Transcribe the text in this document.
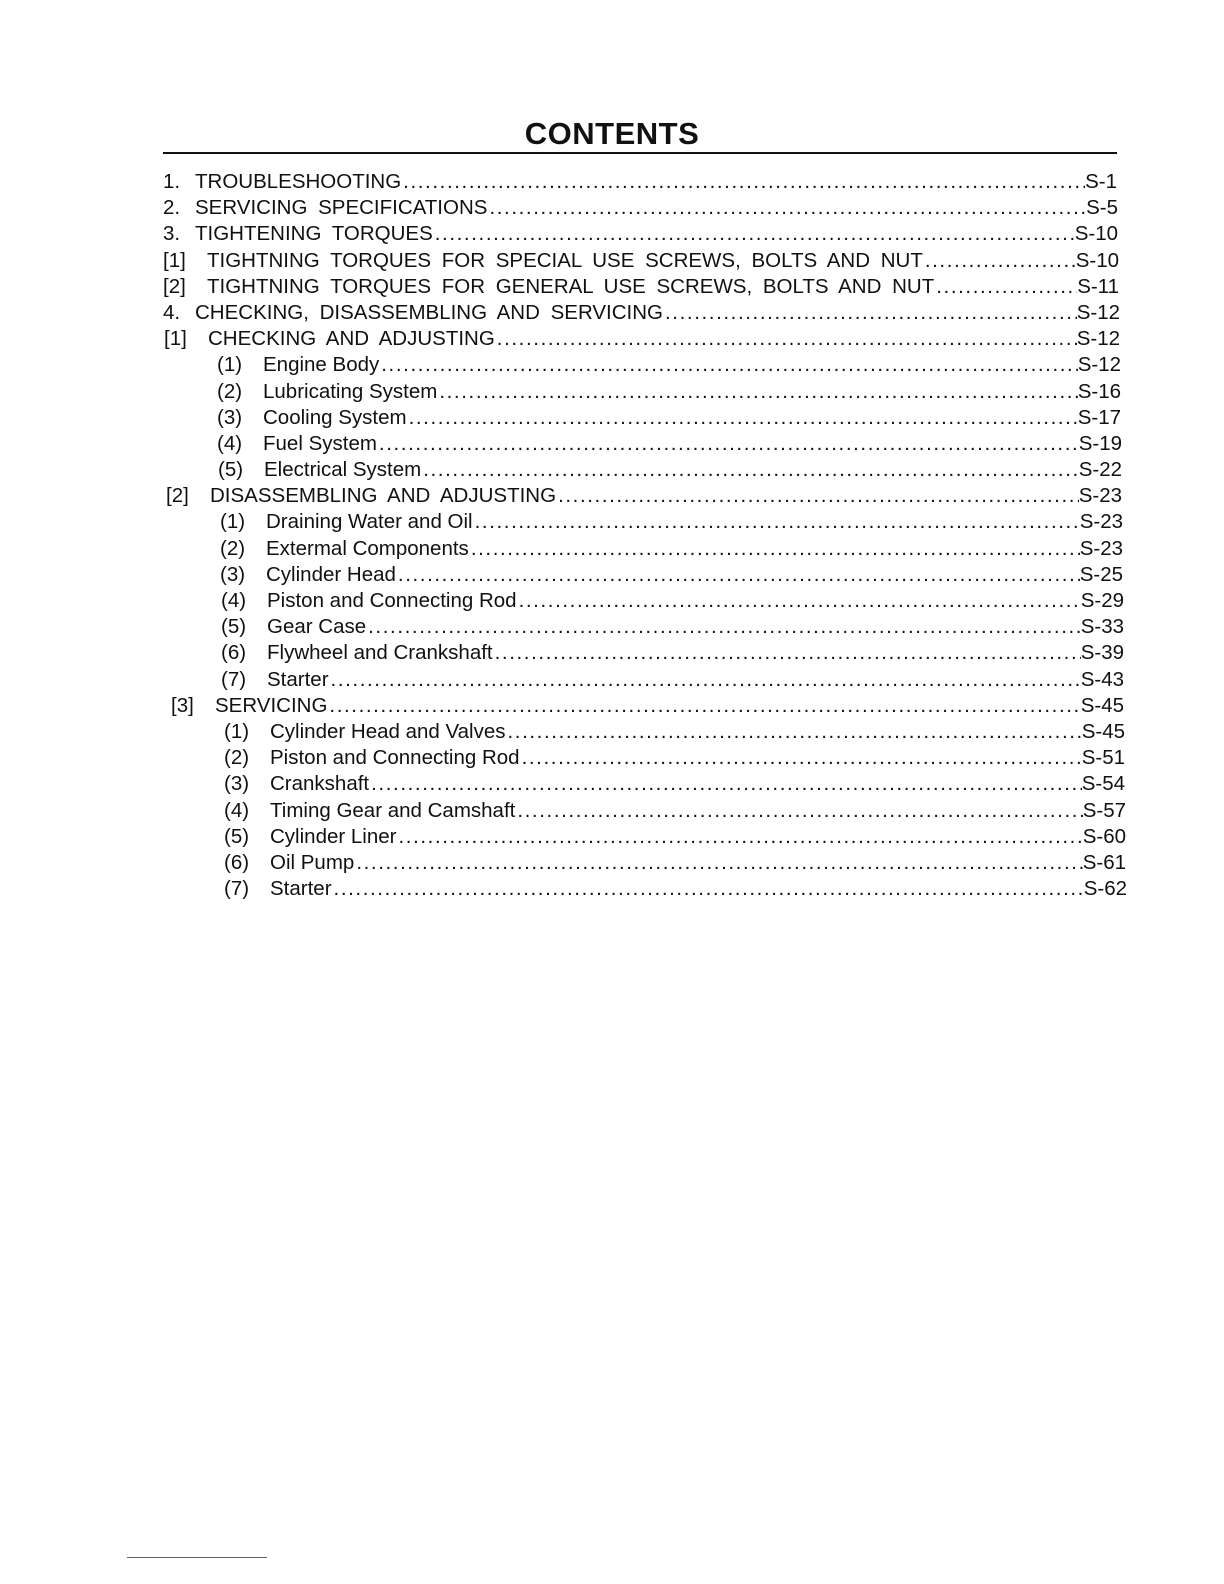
CONTENTS
1. TROUBLESHOOTING .....	S-1
2. SERVICING SPECIFICATIONS .....	S-5
3. TIGHTENING TORQUES .....	S-10
[1]	TIGHTNING TORQUES FOR SPECIAL USE SCREWS, BOLTS AND NUT .....	S-10
[2]	TIGHTNING TORQUES FOR GENERAL USE SCREWS, BOLTS AND NUT .....	S-11
4. CHECKING, DISASSEMBLING AND SERVICING .....	S-12
[1]	CHECKING AND ADJUSTING .....	S-12
(1)	Engine Body .....	S-12
(2)	Lubricating System .....	S-16
(3)	Cooling System .....	S-17
(4)	Fuel System .....	S-19
(5)	Electrical System .....	S-22
[2]	DISASSEMBLING AND ADJUSTING .....	S-23
(1)	Draining Water and Oil .....	S-23
(2)	Extermal Components .....	S-23
(3)	Cylinder Head .....	S-25
(4)	Piston and Connecting Rod .....	S-29
(5)	Gear Case .....	S-33
(6)	Flywheel and Crankshaft .....	S-39
(7)	Starter .....	S-43
[3]	SERVICING .....	S-45
(1)	Cylinder Head and Valves .....	S-45
(2)	Piston and Connecting Rod .....	S-51
(3)	Crankshaft .....	S-54
(4)	Timing Gear and Camshaft .....	S-57
(5)	Cylinder Liner .....	S-60
(6)	Oil Pump .....	S-61
(7)	Starter .....	S-62
